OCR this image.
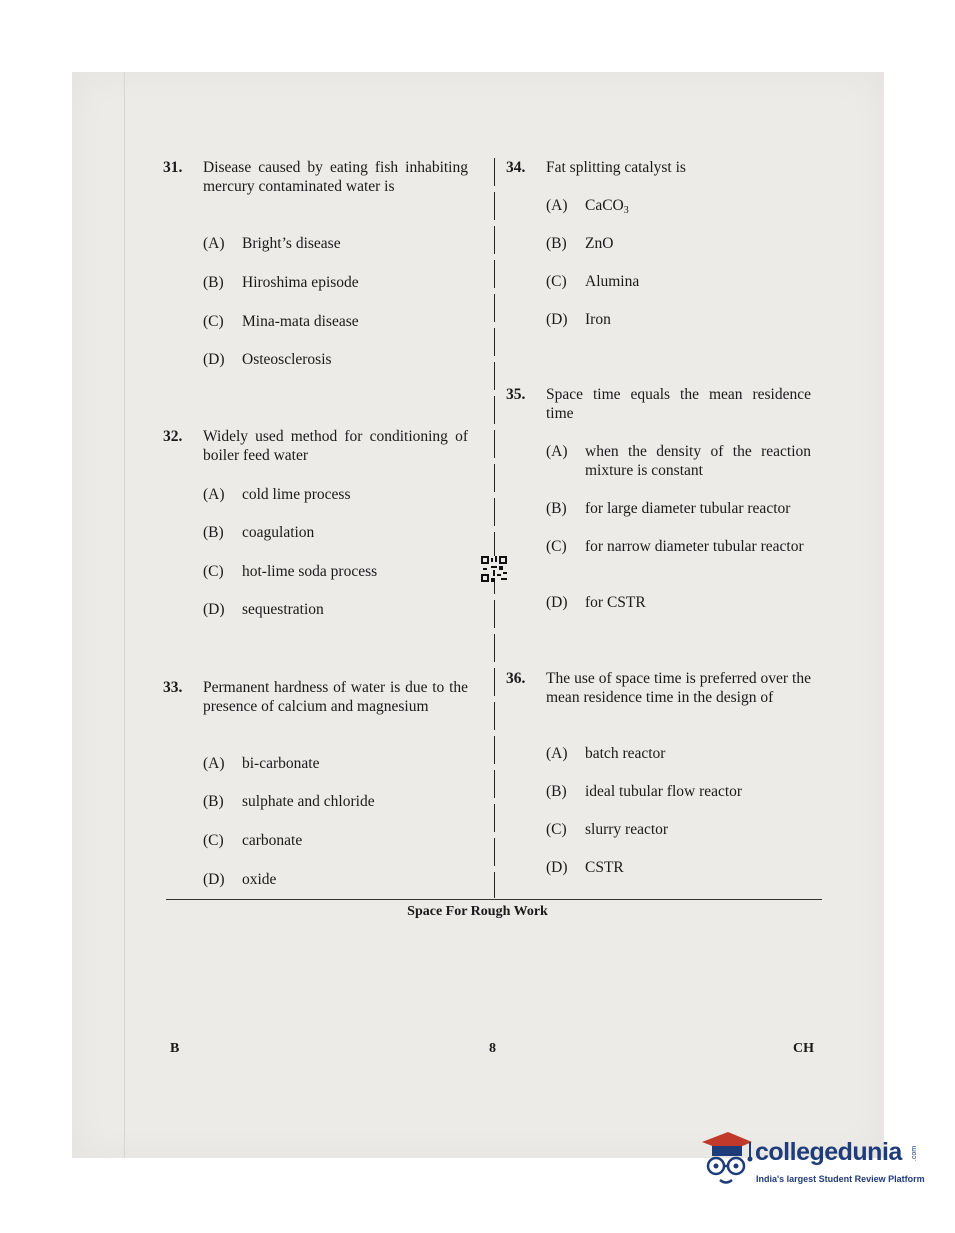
31. Disease caused by eating fish inhabiting mercury contaminated water is
(A) Bright’s disease
(B) Hiroshima episode
(C) Mina-mata disease
(D) Osteosclerosis
32. Widely used method for conditioning of boiler feed water
(A) cold lime process
(B) coagulation
(C) hot-lime soda process
(D) sequestration
33. Permanent hardness of water is due to the presence of calcium and magnesium
(A) bi-carbonate
(B) sulphate and chloride
(C) carbonate
(D) oxide
34. Fat splitting catalyst is
(A) CaCO$_3$
(B) ZnO
(C) Alumina
(D) Iron
35. Space time equals the mean residence time
(A) when the density of the reaction mixture is constant
(B) for large diameter tubular reactor
(C) for narrow diameter tubular reactor
(D) for CSTR
36. The use of space time is preferred over the mean residence time in the design of
(A) batch reactor
(B) ideal tubular flow reactor
(C) slurry reactor
(D) CSTR
Space For Rough Work
B	8	CH
collegedunia .com
India's largest Student Review Platform
